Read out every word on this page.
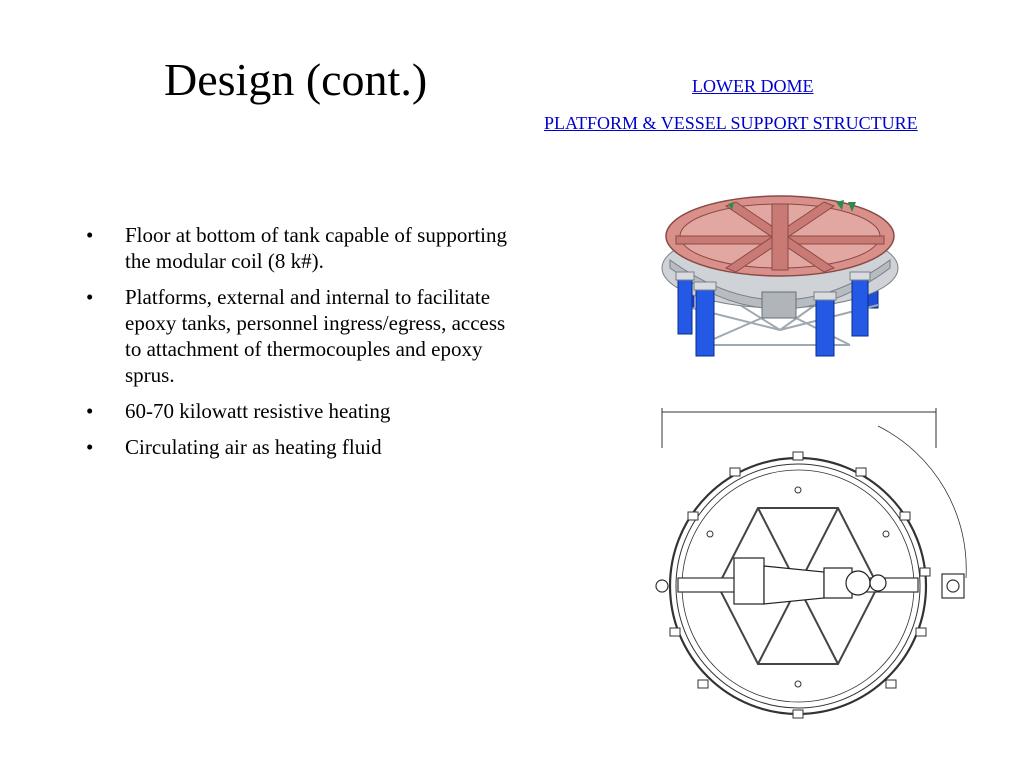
Design (cont.)	LOWER DOME
PLATFORM & VESSEL SUPPORT STRUCTURE
• Floor at bottom of tank capable of supporting the modular coil (8 k#).
• Platforms, external and internal to facilitate epoxy tanks, personnel ingress/egress, access to attachment of thermocouples and epoxy sprus.
• 60-70 kilowatt resistive heating
• Circulating air as heating fluid
